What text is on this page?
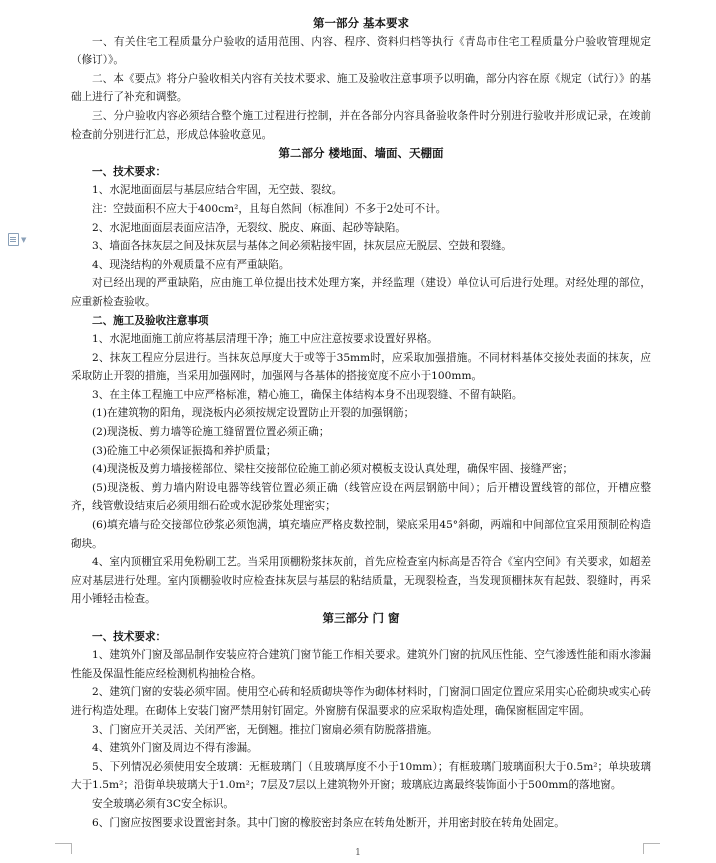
▼

第一部分 基本要求

一、有关住宅工程质量分户验收的适用范围、内容、程序、资料归档等执行《青岛市住宅工程质量分户验收管理规定（修订）》。

二、本《要点》将分户验收相关内容有关技术要求、施工及验收注意事项予以明确，部分内容在原《规定（试行）》的基础上进行了补充和调整。

三、分户验收内容必须结合整个施工过程进行控制，并在各部分内容具备验收条件时分别进行验收并形成记录，在竣前检查前分别进行汇总，形成总体验收意见。

第二部分 楼地面、墙面、天棚面

一、技术要求：

1、水泥地面面层与基层应结合牢固，无空鼓、裂纹。

注：空鼓面积不应大于400cm²，且每自然间（标准间）不多于2处可不计。

2、水泥地面面层表面应洁净，无裂纹、脱皮、麻面、起砂等缺陷。

3、墙面各抹灰层之间及抹灰层与基体之间必须粘接牢固，抹灰层应无脱层、空鼓和裂缝。

4、现浇结构的外观质量不应有严重缺陷。

对已经出现的严重缺陷，应由施工单位提出技术处理方案，并经监理（建设）单位认可后进行处理。对经处理的部位，应重新检查验收。

二、施工及验收注意事项

1、水泥地面施工前应将基层清理干净；施工中应注意按要求设置好界格。

2、抹灰工程应分层进行。当抹灰总厚度大于或等于35mm时，应采取加强措施。不同材料基体交接处表面的抹灰，应采取防止开裂的措施，当采用加强网时，加强网与各基体的搭接宽度不应小于100mm。

3、在主体工程施工中应严格标准，精心施工，确保主体结构本身不出现裂缝、不留有缺陷。

(1)在建筑物的阳角，现浇板内必须按规定设置防止开裂的加强钢筋；

(2)现浇板、剪力墙等砼施工缝留置位置必须正确；

(3)砼施工中必须保证振捣和养护质量；

(4)现浇板及剪力墙接槎部位、梁柱交接部位砼施工前必须对模板支设认真处理，确保牢固、接缝严密；

(5)现浇板、剪力墙内附设电器等线管位置必须正确（线管应设在两层钢筋中间）；后开槽设置线管的部位，开槽应整齐，线管敷设结束后必须用细石砼或水泥砂浆处理密实；

(6)填充墙与砼交接部位砂浆必须饱满，填充墙应严格皮数控制，梁底采用45°斜砌，两端和中间部位宜采用预制砼构造砌块。

4、室内顶棚宜采用免粉刷工艺。当采用顶棚粉浆抹灰前，首先应检查室内标高是否符合《室内空间》有关要求，如超差应对基层进行处理。室内顶棚验收时应检查抹灰层与基层的粘结质量，无现裂检查，当发现顶棚抹灰有起鼓、裂缝时，再采用小锤轻击检查。

第三部分 门 窗

一、技术要求：

1、建筑外门窗及部品制作安装应符合建筑门窗节能工作相关要求。建筑外门窗的抗风压性能、空气渗透性能和雨水渗漏性能及保温性能应经检测机构抽检合格。

2、建筑门窗的安装必须牢固。使用空心砖和轻质砌块等作为砌体材料时，门窗洞口固定位置应采用实心砼砌块或实心砖进行构造处理。在砌体上安装门窗严禁用射钉固定。外窗膀有保温要求的应采取构造处理，确保窗框固定牢固。

3、门窗应开关灵活、关闭严密，无倒翘。推拉门窗扇必须有防脱落措施。

4、建筑外门窗及周边不得有渗漏。

5、下列情况必须使用安全玻璃：无框玻璃门（且玻璃厚度不小于10mm）；有框玻璃门玻璃面积大于0.5m²；单块玻璃大于1.5m²；沿街单块玻璃大于1.0m²；7层及7层以上建筑物外开窗；玻璃底边离最终装饰面小于500mm的落地窗。

安全玻璃必须有3C安全标识。

6、门窗应按图要求设置密封条。其中门窗的橡胶密封条应在转角处断开，并用密封胶在转角处固定。

1
